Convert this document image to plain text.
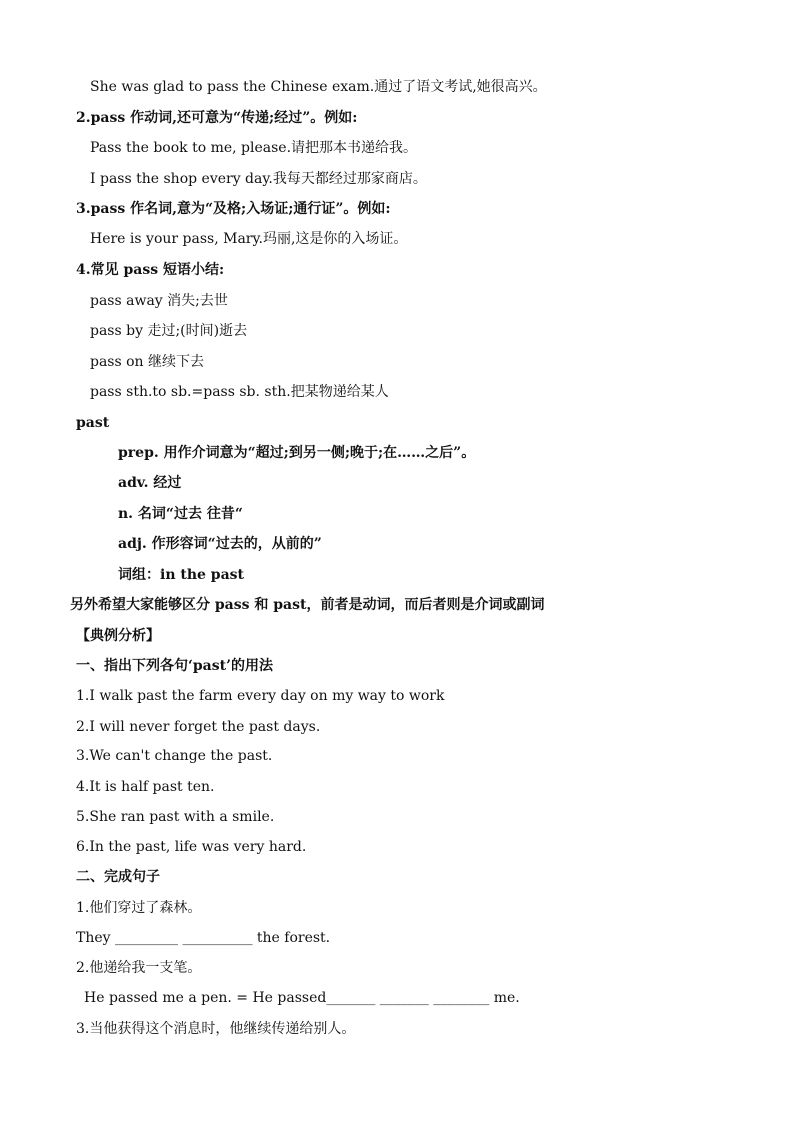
She was glad to pass the Chinese exam.通过了语文考试,她很高兴。
2.pass 作动词,还可意为“传递;经过”。例如:
Pass the book to me, please.请把那本书递给我。
I pass the shop every day.我每天都经过那家商店。
3.pass 作名词,意为“及格;入场证;通行证”。例如:
Here is your pass, Mary.玛丽,这是你的入场证。
4.常见 pass 短语小结:
pass away 消失;去世
pass by 走过;(时间)逝去
pass on 继续下去
pass sth.to sb.=pass sb. sth.把某物递给某人
past
prep. 用作介词意为“超过;到另一侧;晚于;在……之后”。
adv. 经过
n. 名词“过去 往昔“
adj. 作形容词“过去的，从前的”
词组：in the past
另外希望大家能够区分 pass 和 past，前者是动词，而后者则是介词或副词
【典例分析】
一、指出下列各句‘past’的用法
1.I walk past the farm every day on my way to work
2.I will never forget the past days.
3.We can't change the past.
4.It is half past ten.
5.She ran past with a smile.
6.In the past, life was very hard.
二、完成句子
1.他们穿过了森林。
They _________ __________ the forest.
2.他递给我一支笔。
He passed me a pen. = He passed_______ _______ ________ me.
3.当他获得这个消息时，他继续传递给别人。
